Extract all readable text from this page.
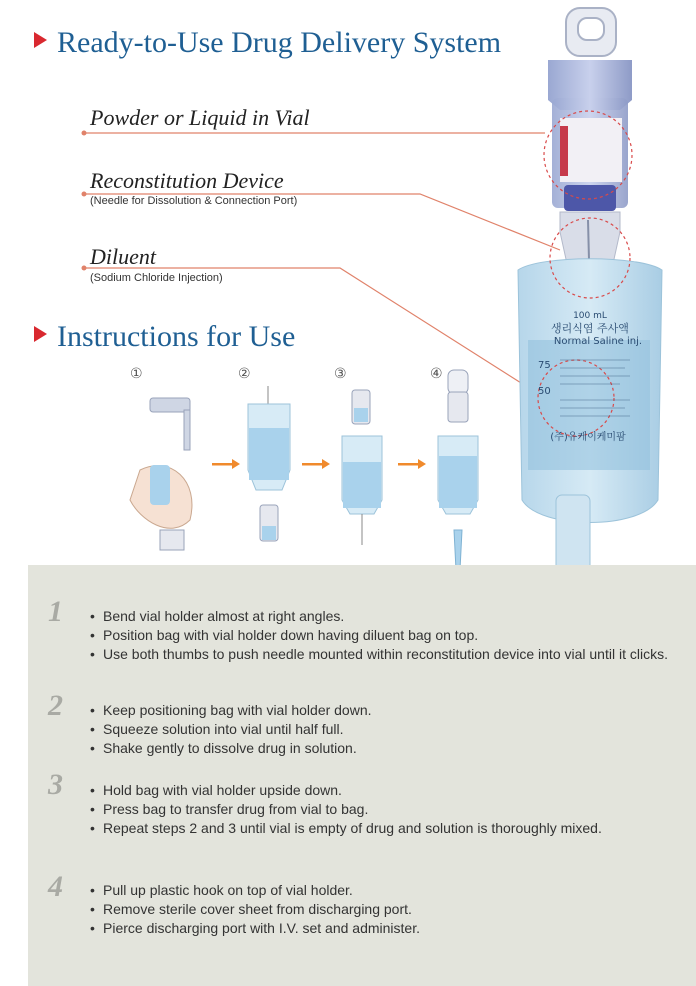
Ready-to-Use Drug Delivery System
Powder or Liquid in Vial
Reconstitution Device
(Needle for Dissolution & Connection Port)
Diluent
(Sodium Chloride Injection)
Instructions for Use
100 mL
생리식염 주사액
Normal Saline inj.
75
50
(주)유케이케미팜
①	②	③	④
1	• Bend vial holder almost at right angles.
• Position bag with vial holder down having diluent bag on top.
• Use both thumbs to push needle mounted within reconstitution device into vial until it clicks.
2	• Keep positioning bag with vial holder down.
• Squeeze solution into vial until half full.
• Shake gently to dissolve drug in solution.
3	• Hold bag with vial holder upside down.
• Press bag to transfer drug from vial to bag.
• Repeat steps 2 and 3 until vial is empty of drug and solution is thoroughly mixed.
4	• Pull up plastic hook on top of vial holder.
• Remove sterile cover sheet from discharging port.
• Pierce discharging port with I.V. set and administer.
